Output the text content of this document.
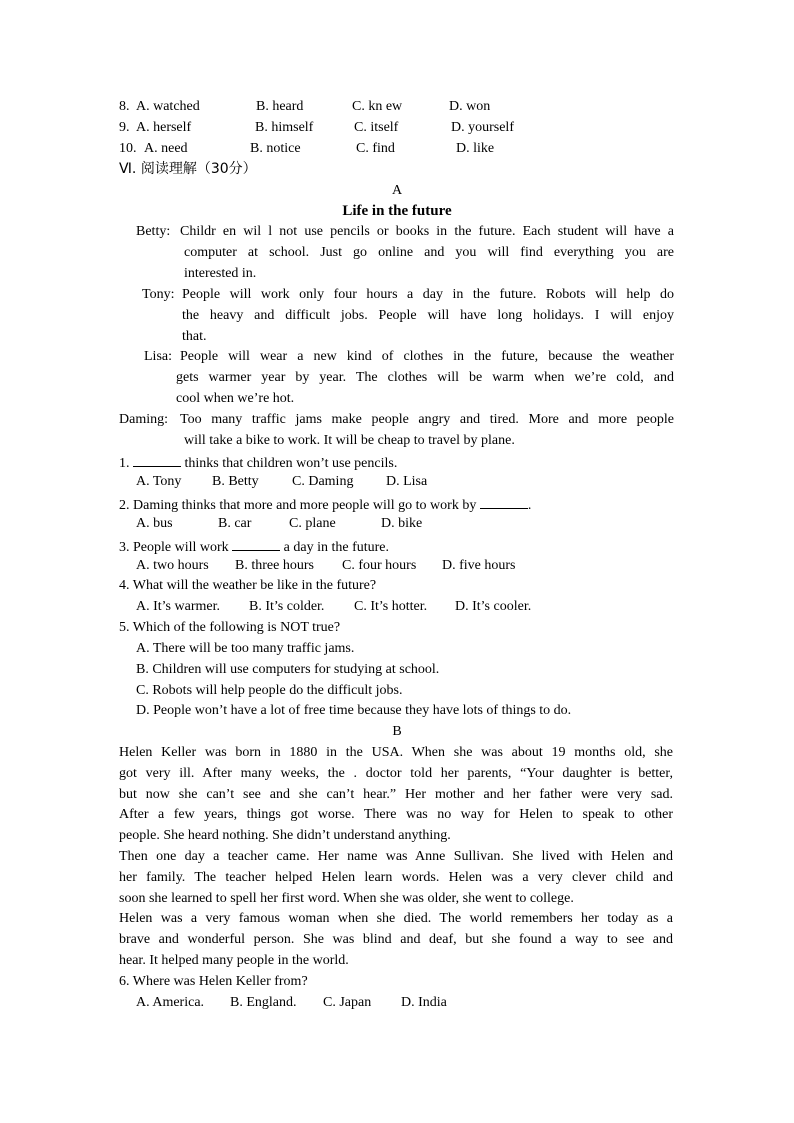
8. A. watched	B. heard	C. kn ew	D. won
9. A. herself	B. himself	C. itself	D. yourself
10. A. need	B. notice	C. find	D. like
Ⅵ. 阅读理解（30分）
A
Life in the future
Betty: Childr en wil l not use pencils or books in the future. Each student will have a
computer at school. Just go online and you will find everything you are
interested in.
Tony: People will work only four hours a day in the future. Robots will help do
the heavy and difficult jobs. People will have long holidays. I will enjoy
that.
Lisa: People will wear a new kind of clothes in the future, because the weather
gets warmer year by year. The clothes will be warm when we’re cold, and
cool when we’re hot.
Daming: Too many traffic jams make people angry and tired. More and more people
will take a bike to work. It will be cheap to travel by plane.
1.	thinks that children won’t use pencils.
A. Tony B. Betty C. Daming D. Lisa
2. Daming thinks that more and more people will go to work by	.
A. bus	B. car	C. plane	D. bike
3. People will work	a day in the future.
A. two hours B. three hours C. four hours D. five hours
4. What will the weather be like in the future?
A. It’s warmer. B. It’s colder. C. It’s hotter. D. It’s cooler.
5. Which of the following is NOT true?
A. There will be too many traffic jams.
B. Children will use computers for studying at school.
C. Robots will help people do the difficult jobs.
D. People won’t have a lot of free time because they have lots of things to do.
B
Helen Keller was born in 1880 in the USA. When she was about 19 months old, she
got very ill. After many weeks, the . doctor told her parents, “Your daughter is better,
but now she can’t see and she can’t hear.” Her mother and her father were very sad.
After a few years, things got worse. There was no way for Helen to speak to other
people. She heard nothing. She didn’t understand anything.
Then one day a teacher came. Her name was Anne Sullivan. She lived with Helen and
her family. The teacher helped Helen learn words. Helen was a very clever child and
soon she learned to spell her first word. When she was older, she went to college.
Helen was a very famous woman when she died. The world remembers her today as a
brave and wonderful person. She was blind and deaf, but she found a way to see and
hear. It helped many people in the world.
6. Where was Helen Keller from?
A. America. B. England. C. Japan D. India
